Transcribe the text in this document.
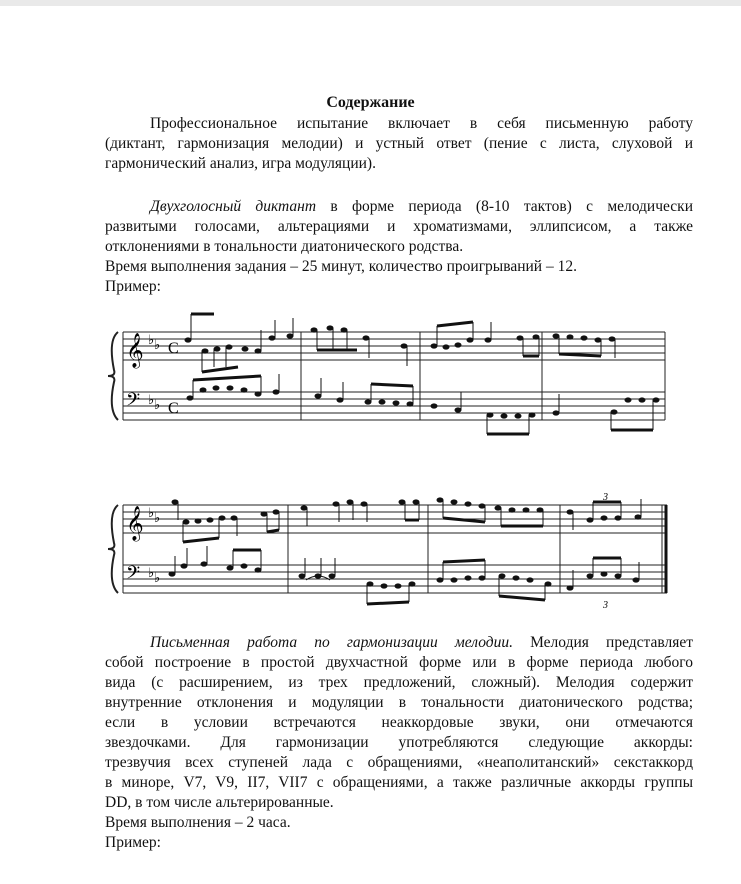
Содержание
Профессиональное испытание включает в себя письменную работу
(диктант, гармонизация мелодии) и устный ответ (пение с листа, слуховой и
гармонический анализ, игра модуляции).
Двухголосный диктант в форме периода (8-10 тактов) с мелодически
развитыми голосами, альтерациями и хроматизмами, эллипсисом, а также
отклонениями в тональности диатонического родства.
Время выполнения задания – 25 минут, количество проигрываний – 12.
Пример:
𝄞
𝄢
♭ ♭
♭ ♭
C
C
𝄞
𝄢
♭ ♭
♭ ♭
3
3
Письменная работа по гармонизации мелодии. Мелодия представляет
собой построение в простой двухчастной форме или в форме периода любого
вида (с расширением, из трех предложений, сложный). Мелодия содержит
внутренние отклонения и модуляции в тональности диатонического родства;
если в условии встречаются неаккордовые звуки, они отмечаются
звездочками. Для гармонизации употребляются следующие аккорды:
трезвучия всех ступеней лада с обращениями, «неаполитанский» секстаккорд
в миноре, V7, V9, II7, VII7 с обращениями, а также различные аккорды группы
DD, в том числе альтерированные.
Время выполнения – 2 часа.
Пример:
